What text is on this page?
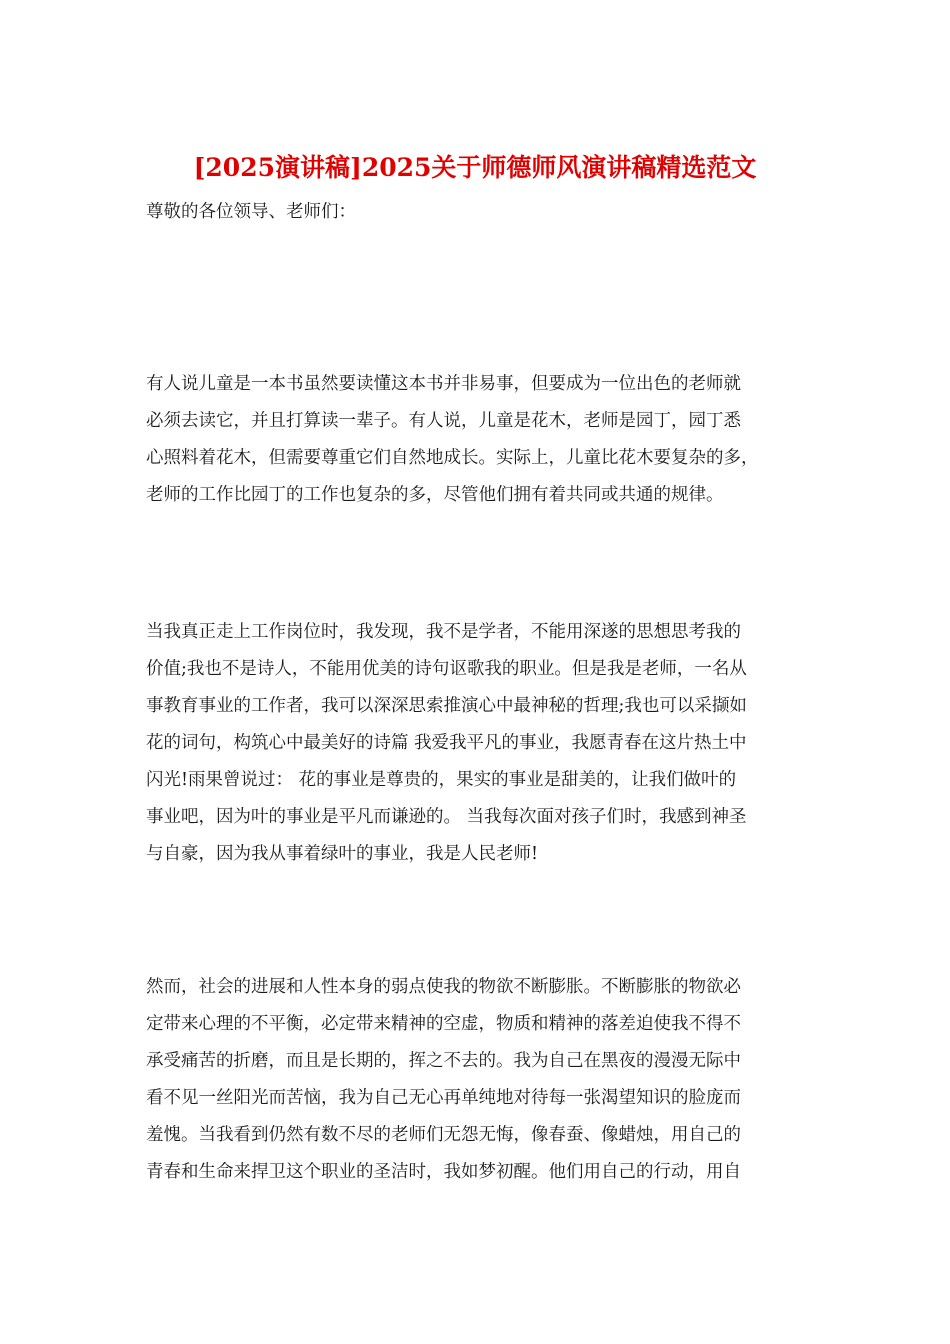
[2025演讲稿]2025关于师德师风演讲稿精选范文
尊敬的各位领导、老师们：
有人说儿童是一本书虽然要读懂这本书并非易事，但要成为一位出色的老师就
必须去读它，并且打算读一辈子。有人说，儿童是花木，老师是园丁，园丁悉
心照料着花木，但需要尊重它们自然地成长。实际上，儿童比花木要复杂的多，
老师的工作比园丁的工作也复杂的多，尽管他们拥有着共同或共通的规律。
当我真正走上工作岗位时，我发现，我不是学者，不能用深遂的思想思考我的
价值;我也不是诗人，不能用优美的诗句讴歌我的职业。但是我是老师，一名从
事教育事业的工作者，我可以深深思索推演心中最神秘的哲理;我也可以采撷如
花的词句，构筑心中最美好的诗篇 我爱我平凡的事业，我愿青春在这片热土中
闪光!雨果曾说过： 花的事业是尊贵的，果实的事业是甜美的，让我们做叶的
事业吧，因为叶的事业是平凡而谦逊的。 当我每次面对孩子们时，我感到神圣
与自豪，因为我从事着绿叶的事业，我是人民老师!
然而，社会的进展和人性本身的弱点使我的物欲不断膨胀。不断膨胀的物欲必
定带来心理的不平衡，必定带来精神的空虚，物质和精神的落差迫使我不得不
承受痛苦的折磨，而且是长期的，挥之不去的。我为自己在黑夜的漫漫无际中
看不见一丝阳光而苦恼，我为自己无心再单纯地对待每一张渴望知识的脸庞而
羞愧。当我看到仍然有数不尽的老师们无怨无悔，像春蚕、像蜡烛，用自己的
青春和生命来捍卫这个职业的圣洁时，我如梦初醒。他们用自己的行动，用自
